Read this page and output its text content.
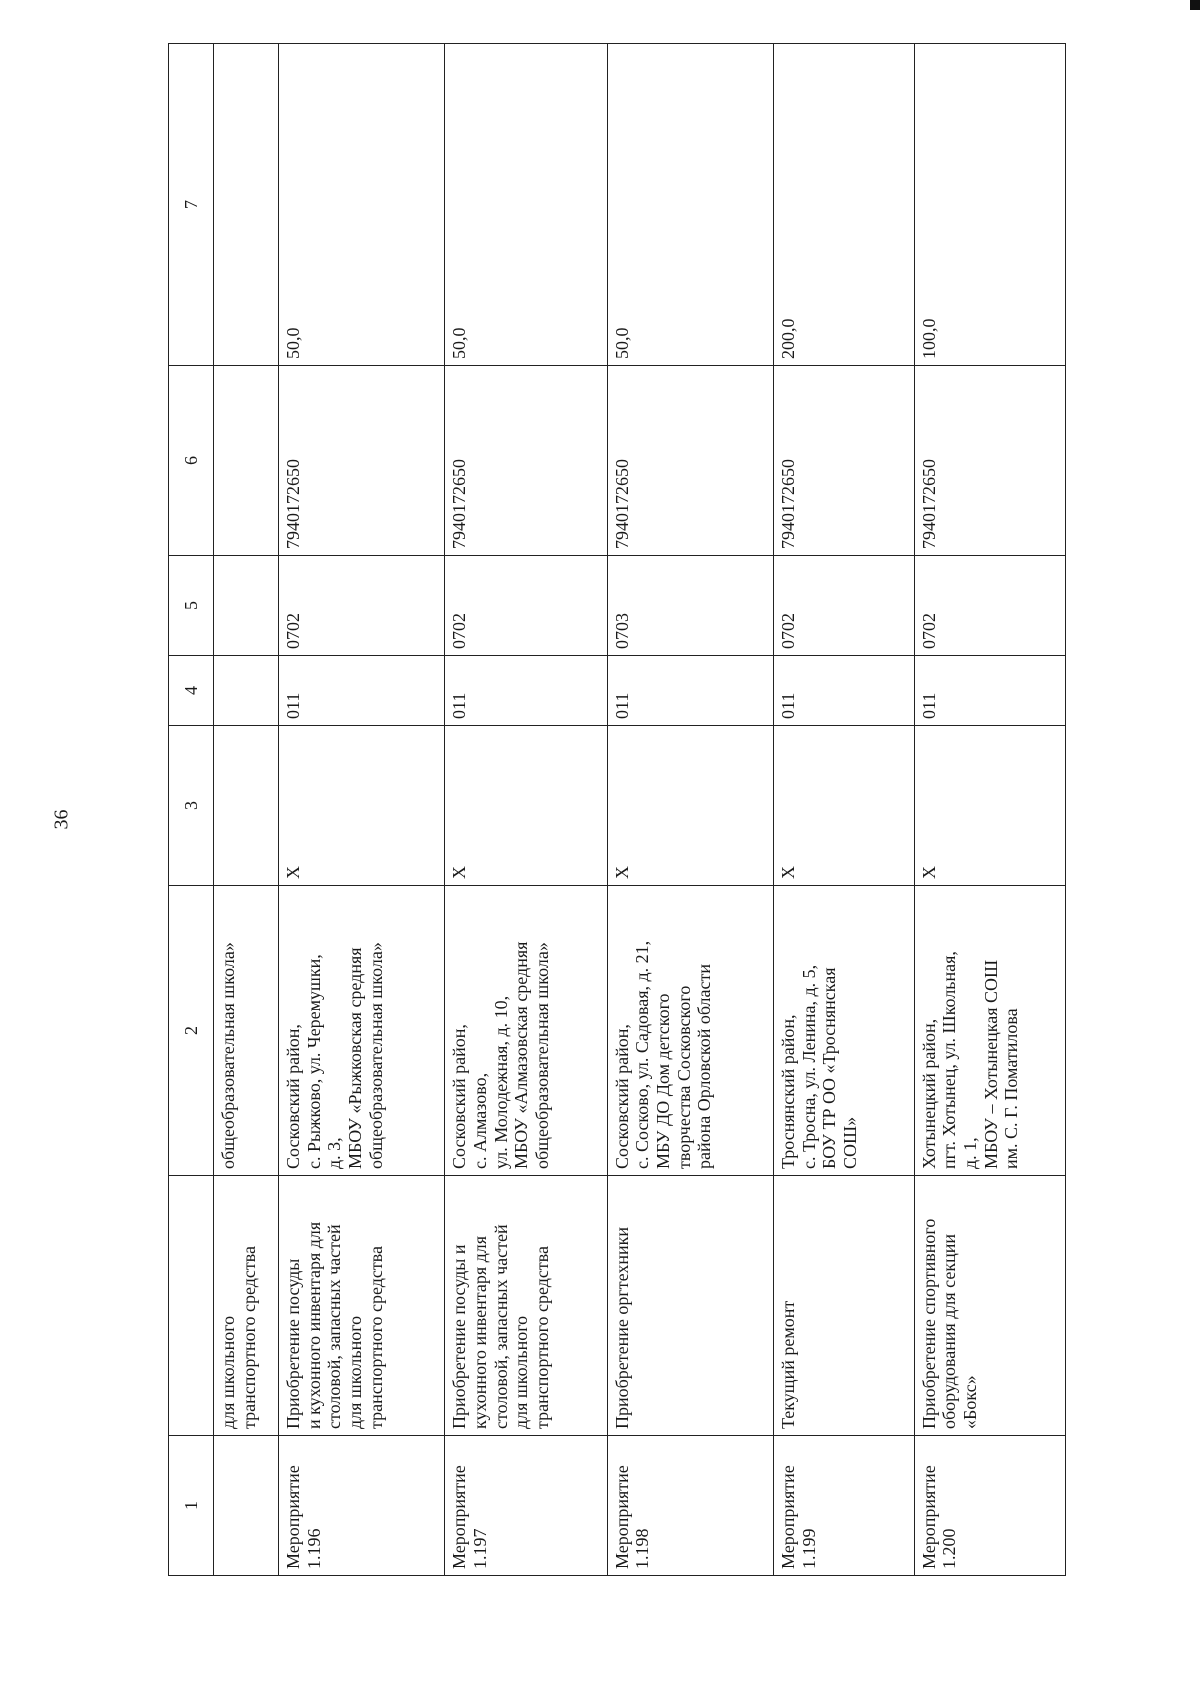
36
1		2	3	4	5	6	7
	для школьного
транспортного средства	общеобразовательная школа»					
Мероприятие
1.196	Приобретение посуды
и кухонного инвентаря для
столовой, запасных частей
для школьного
транспортного средства	Сосковский район,
с. Рыжково, ул. Черемушки,
д. 3,
МБОУ «Рыжковская средняя
общеобразовательная школа»	X	011	0702	7940172650	50,0
Мероприятие
1.197	Приобретение посуды и
кухонного инвентаря для
столовой, запасных частей
для школьного
транспортного средства	Сосковский район,
с. Алмазово,
ул. Молодежная, д. 10,
МБОУ «Алмазовская средняя
общеобразовательная школа»	X	011	0702	7940172650	50,0
Мероприятие
1.198	Приобретение оргтехники	Сосковский район,
с. Сосково, ул. Садовая, д. 21,
МБУ ДО Дом детского
творчества Сосковского
района Орловской области	X	011	0703	7940172650	50,0
Мероприятие
1.199	Текущий ремонт	Троснянский район,
с. Тросна, ул. Ленина, д. 5,
БОУ ТР ОО «Троснянская
СОШ»	X	011	0702	7940172650	200,0
Мероприятие
1.200	Приобретение спортивного
оборудования для секции
«Бокс»	Хотынецкий район,
пгт. Хотынец, ул. Школьная,
д. 1,
МБОУ – Хотынецкая СОШ
им. С. Г. Поматилова	X	011	0702	7940172650	100,0
